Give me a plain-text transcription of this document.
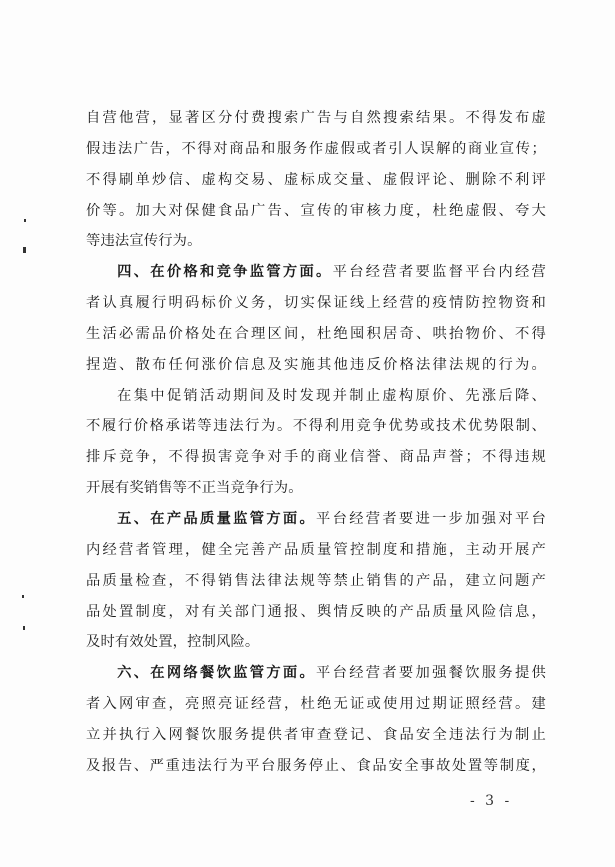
自营他营，显著区分付费搜索广告与自然搜索结果。不得发布虚
假违法广告，不得对商品和服务作虚假或者引人误解的商业宣传；
不得刷单炒信、虚构交易、虚标成交量、虚假评论、删除不利评
价等。加大对保健食品广告、宣传的审核力度，杜绝虚假、夸大
等违法宣传行为。
四、在价格和竞争监管方面。平台经营者要监督平台内经营
者认真履行明码标价义务，切实保证线上经营的疫情防控物资和
生活必需品价格处在合理区间，杜绝囤积居奇、哄抬物价、不得
捏造、散布任何涨价信息及实施其他违反价格法律法规的行为。
在集中促销活动期间及时发现并制止虚构原价、先涨后降、
不履行价格承诺等违法行为。不得利用竞争优势或技术优势限制、
排斥竞争，不得损害竞争对手的商业信誉、商品声誉；不得违规
开展有奖销售等不正当竞争行为。
五、在产品质量监管方面。平台经营者要进一步加强对平台
内经营者管理，健全完善产品质量管控制度和措施，主动开展产
品质量检查，不得销售法律法规等禁止销售的产品，建立问题产
品处置制度，对有关部门通报、舆情反映的产品质量风险信息，
及时有效处置，控制风险。
六、在网络餐饮监管方面。平台经营者要加强餐饮服务提供
者入网审查，亮照亮证经营，杜绝无证或使用过期证照经营。建
立并执行入网餐饮服务提供者审查登记、食品安全违法行为制止
及报告、严重违法行为平台服务停止、食品安全事故处置等制度，
- 3 -
